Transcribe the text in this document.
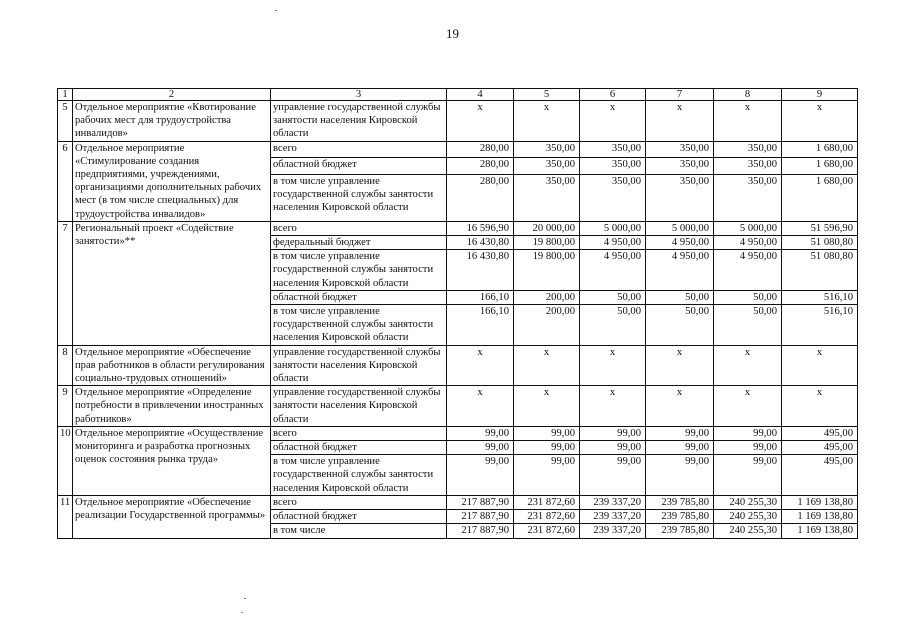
19
1	2	3	4	5	6	7	8	9
5	Отдельное мероприятие «Квотирование рабочих мест для трудоустройства инвалидов»	управление государственной службы занятости населения Кировской области	х	х	х	х	х	х
6	Отдельное мероприятие «Стимулирование создания предприятиями, учреждениями, организациями дополнительных рабочих мест (в том числе специальных) для трудоустройства инвалидов»	всего	280,00	350,00	350,00	350,00	350,00	1 680,00
		областной бюджет	280,00	350,00	350,00	350,00	350,00	1 680,00
		в том числе управление государственной службы занятости населения Кировской области	280,00	350,00	350,00	350,00	350,00	1 680,00
7	Региональный проект «Содействие занятости»**	всего	16 596,90	20 000,00	5 000,00	5 000,00	5 000,00	51 596,90
		федеральный бюджет	16 430,80	19 800,00	4 950,00	4 950,00	4 950,00	51 080,80
		в том числе управление государственной службы занятости населения Кировской области	16 430,80	19 800,00	4 950,00	4 950,00	4 950,00	51 080,80
		областной бюджет	166,10	200,00	50,00	50,00	50,00	516,10
		в том числе управление государственной службы занятости населения Кировской области	166,10	200,00	50,00	50,00	50,00	516,10
8	Отдельное мероприятие «Обеспечение прав работников в области регулирования социально-трудовых отношений»	управление государственной службы занятости населения Кировской области	х	х	х	х	х	х
9	Отдельное мероприятие «Определение потребности в привлечении иностранных работников»	управление государственной службы занятости населения Кировской области	х	х	х	х	х	х
10	Отдельное мероприятие «Осуществление мониторинга и разработка прогнозных оценок состояния рынка труда»	всего	99,00	99,00	99,00	99,00	99,00	495,00
		областной бюджет	99,00	99,00	99,00	99,00	99,00	495,00
		в том числе управление государственной службы занятости населения Кировской области	99,00	99,00	99,00	99,00	99,00	495,00
11	Отдельное мероприятие «Обеспечение реализации Государственной программы»	всего	217 887,90	231 872,60	239 337,20	239 785,80	240 255,30	1 169 138,80
		областной бюджет	217 887,90	231 872,60	239 337,20	239 785,80	240 255,30	1 169 138,80
		в том числе	217 887,90	231 872,60	239 337,20	239 785,80	240 255,30	1 169 138,80
